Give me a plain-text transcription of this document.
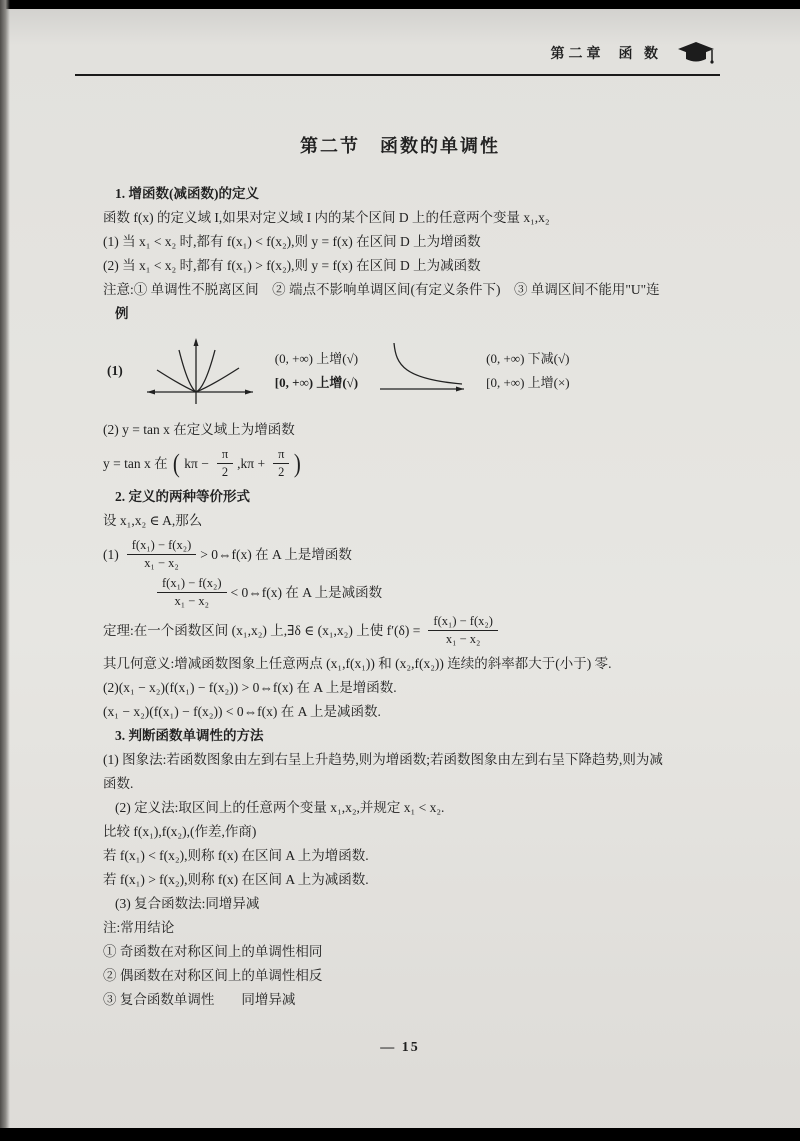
第二章 函 数
第二节　函数的单调性

1. 增函数(减函数)的定义

函数 f(x) 的定义域 I,如果对定义域 I 内的某个区间 D 上的任意两个变量 x₁,x₂

(1) 当 x₁ < x₂ 时,都有 f(x₁) < f(x₂),则 y = f(x) 在区间 D 上为增函数

(2) 当 x₁ < x₂ 时,都有 f(x₁) > f(x₂),则 y = f(x) 在区间 D 上为减函数

注意:① 单调性不脱离区间　② 端点不影响单调区间(有定义条件下)　③ 单调区间不能用"U"连

例

(1)
(0, +∞) 上增(√)
[0, +∞) 上增(√)
(0, +∞) 下减(√)
[0, +∞) 上增(×)

(2) y = tan x 在定义域上为增函数

y = tan x 在 ( $k\pi - \frac{\pi}{2} ,k\pi + \frac{\pi}{2}$ )

2. 定义的两种等价形式

设 x₁,x₂ ∈ A,那么

$(1) \frac{\text{f(x₁) − f(x₂)}}{\text{x₁ − x₂}}$ > 0⇔f(x) 在 A 上是增函数
$\frac{\text{f(x₁) − f(x₂)}}{\text{x₁ − x₂}}$ < 0⇔f(x) 在 A 上是减函数
定理:在一个函数区间 (x₁,x₂) 上,∃δ ∈ (x₁,x₂) 上使 $f'(\delta) = \frac{\text{f(x₁) − f(x₂)}}{\text{x₁ − x₂}}$

其几何意义:增减函数图象上任意两点 (x₁,f(x₁)) 和 (x₂,f(x₂)) 连续的斜率都大于(小于) 零.

(2)(x₁ − x₂)(f(x₁) − f(x₂)) > 0⇔f(x) 在 A 上是增函数.

(x₁ − x₂)(f(x₁) − f(x₂)) < 0⇔f(x) 在 A 上是减函数.

3. 判断函数单调性的方法

(1) 图象法:若函数图象由左到右呈上升趋势,则为增函数;若函数图象由左到右呈下降趋势,则为减

函数.

(2) 定义法:取区间上的任意两个变量 x₁,x₂,并规定 x₁ < x₂.

比较 f(x₁),f(x₂),(作差,作商)

若 f(x₁) < f(x₂),则称 f(x) 在区间 A 上为增函数.

若 f(x₁) > f(x₂),则称 f(x) 在区间 A 上为减函数.

(3) 复合函数法:同增异减

注:常用结论

① 奇函数在对称区间上的单调性相同

② 偶函数在对称区间上的单调性相反

③ 复合函数单调性　　同增异减

— 15
